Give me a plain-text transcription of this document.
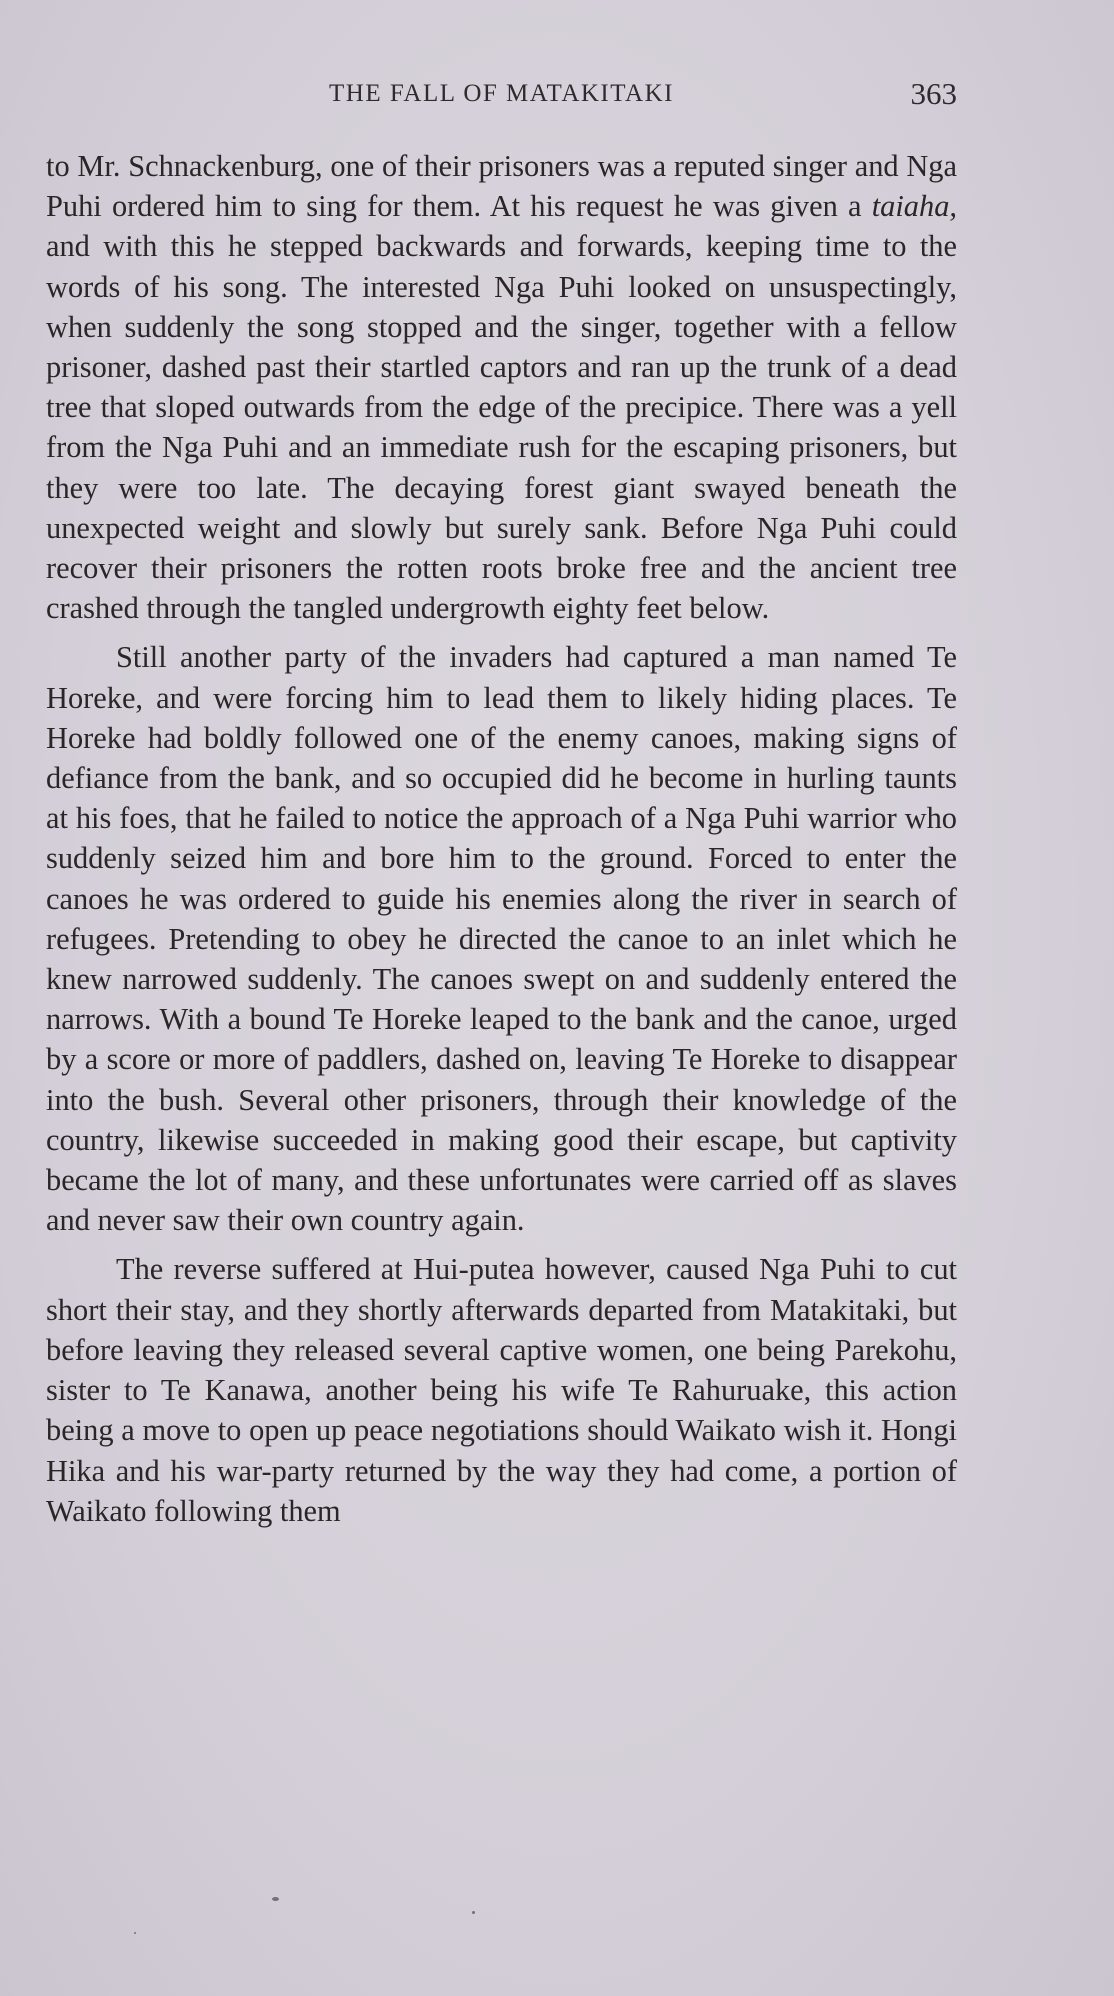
THE FALL OF MATAKITAKI	363

to Mr. Schnackenburg, one of their prisoners was a reputed singer and Nga Puhi ordered him to sing for them. At his request he was given a taiaha, and with this he stepped backwards and forwards, keeping time to the words of his song. The interested Nga Puhi looked on unsuspectingly, when suddenly the song stopped and the singer, together with a fellow prisoner, dashed past their startled captors and ran up the trunk of a dead tree that sloped outwards from the edge of the precipice. There was a yell from the Nga Puhi and an immediate rush for the escaping prisoners, but they were too late. The decaying forest giant swayed beneath the unexpected weight and slowly but surely sank. Before Nga Puhi could recover their prisoners the rotten roots broke free and the ancient tree crashed through the tangled undergrowth eighty feet below.

Still another party of the invaders had captured a man named Te Horeke, and were forcing him to lead them to likely hiding places. Te Horeke had boldly followed one of the enemy canoes, making signs of defiance from the bank, and so occupied did he become in hurling taunts at his foes, that he failed to notice the approach of a Nga Puhi warrior who suddenly seized him and bore him to the ground. Forced to enter the canoes he was ordered to guide his enemies along the river in search of refugees. Pretending to obey he directed the canoe to an inlet which he knew narrowed suddenly. The canoes swept on and suddenly entered the narrows. With a bound Te Horeke leaped to the bank and the canoe, urged by a score or more of paddlers, dashed on, leaving Te Horeke to disappear into the bush. Several other prisoners, through their knowledge of the country, likewise succeeded in making good their escape, but captivity became the lot of many, and these unfortunates were carried off as slaves and never saw their own country again.

The reverse suffered at Hui-putea however, caused Nga Puhi to cut short their stay, and they shortly afterwards departed from Matakitaki, but before leaving they released several captive women, one being Parekohu, sister to Te Kanawa, another being his wife Te Rahuruake, this action being a move to open up peace negotiations should Waikato wish it. Hongi Hika and his war-party returned by the way they had come, a portion of Waikato following them
